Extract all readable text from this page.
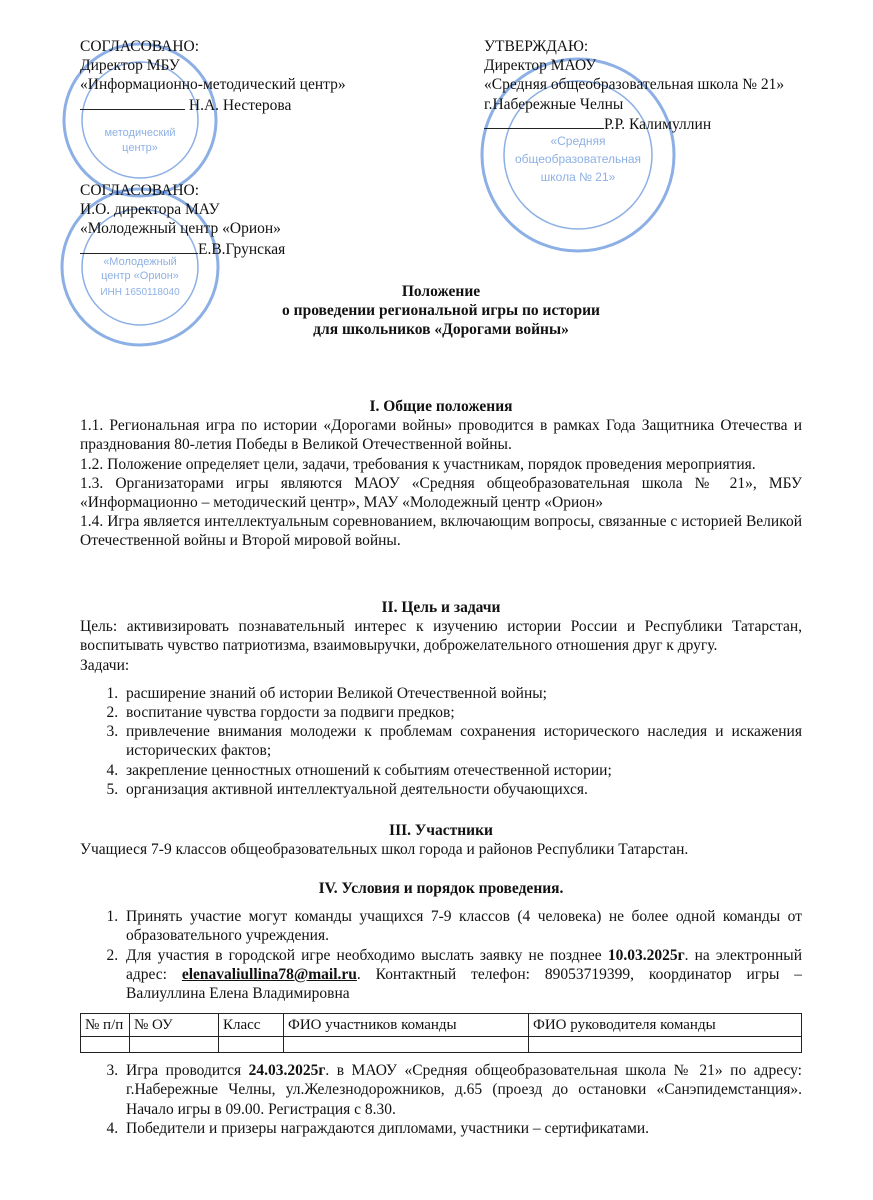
методический
центр»	«Средняя
общеобразовательная
школа № 21»
«Молодежный
центр «Орион»
ИНН 1650118040

СОГЛАСОВАНО:

Директор МБУ

«Информационно-методический центр»

Н.А. Нестерова

УТВЕРЖДАЮ:

Директор МАОУ

«Средняя общеобразовательная школа № 21»

г.Набережные Челны

Р.Р. Калимуллин

СОГЛАСОВАНО:

И.О. директора МАУ

«Молодежный центр «Орион»

Е.В.Грунская

Положение

о проведении региональной игры по истории

для школьников «Дорогами войны»

I. Общие положения

1.1. Региональная игра по истории «Дорогами войны» проводится в рамках Года Защитника Отечества и празднования 80-летия Победы в Великой Отечественной войны.

1.2. Положение определяет цели, задачи, требования к участникам, порядок проведения мероприятия.

1.3. Организаторами игры являются МАОУ «Средняя общеобразовательная школа № 21», МБУ «Информационно – методический центр», МАУ «Молодежный центр «Орион»

1.4. Игра является интеллектуальным соревнованием, включающим вопросы, связанные с историей Великой Отечественной войны и Второй мировой войны.

II. Цель и задачи

Цель: активизировать познавательный интерес к изучению истории России и Республики Татарстан, воспитывать чувство патриотизма, взаимовыручки, доброжелательного отношения друг к другу.

Задачи:

1. расширение знаний об истории Великой Отечественной войны;
2. воспитание чувства гордости за подвиги предков;
3. привлечение внимания молодежи к проблемам сохранения исторического наследия и искажения исторических фактов;
4. закрепление ценностных отношений к событиям отечественной истории;
5. организация активной интеллектуальной деятельности обучающихся.

III. Участники

Учащиеся 7-9 классов общеобразовательных школ города и районов Республики Татарстан.

IV. Условия и порядок проведения.

1. Принять участие могут команды учащихся 7-9 классов (4 человека) не более одной команды от образовательного учреждения.
2. Для участия в городской игре необходимо выслать заявку не позднее 10.03.2025г. на электронный адрес: elenavaliullina78@mail.ru. Контактный телефон: 89053719399, координатор игры – Валиуллина Елена Владимировна
№ п/п	№ ОУ	Класс	ФИО участников команды	ФИО руководителя команды

3. Игра проводится 24.03.2025г. в МАОУ «Средняя общеобразовательная школа № 21» по адресу: г.Набережные Челны, ул.Железнодорожников, д.65 (проезд до остановки «Санэпидемстанция». Начало игры в 09.00. Регистрация с 8.30.
4. Победители и призеры награждаются дипломами, участники – сертификатами.
